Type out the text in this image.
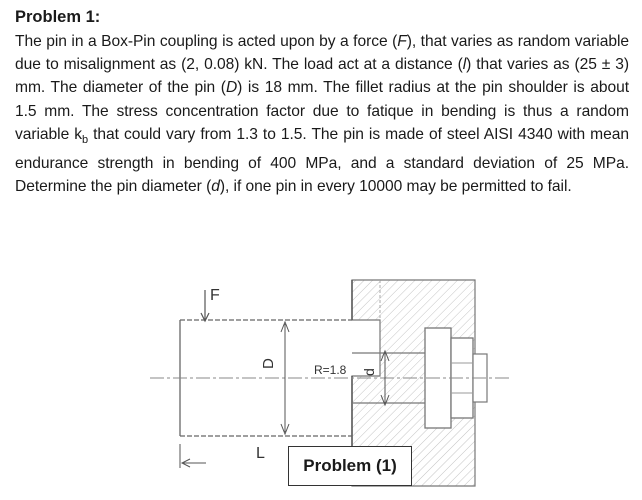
Problem 1:

The pin in a Box-Pin coupling is acted upon by a force (F), that varies as random variable due to misalignment as (2, 0.08) kN. The load act at a distance (l) that varies as (25 ± 3) mm. The diameter of the pin (D) is 18 mm. The fillet radius at the pin shoulder is about 1.5 mm. The stress concentration factor due to fatique in bending is thus a random variable $k_b$ that could vary from 1.3 to 1.5. The pin is made of steel AISI 4340 with mean endurance strength in bending of 400 MPa, and a standard deviation of 25 MPa. Determine the pin diameter (d), if one pin in every 10000 may be permitted to fail.

F
D	R=1.8 d
L
Problem (1)
